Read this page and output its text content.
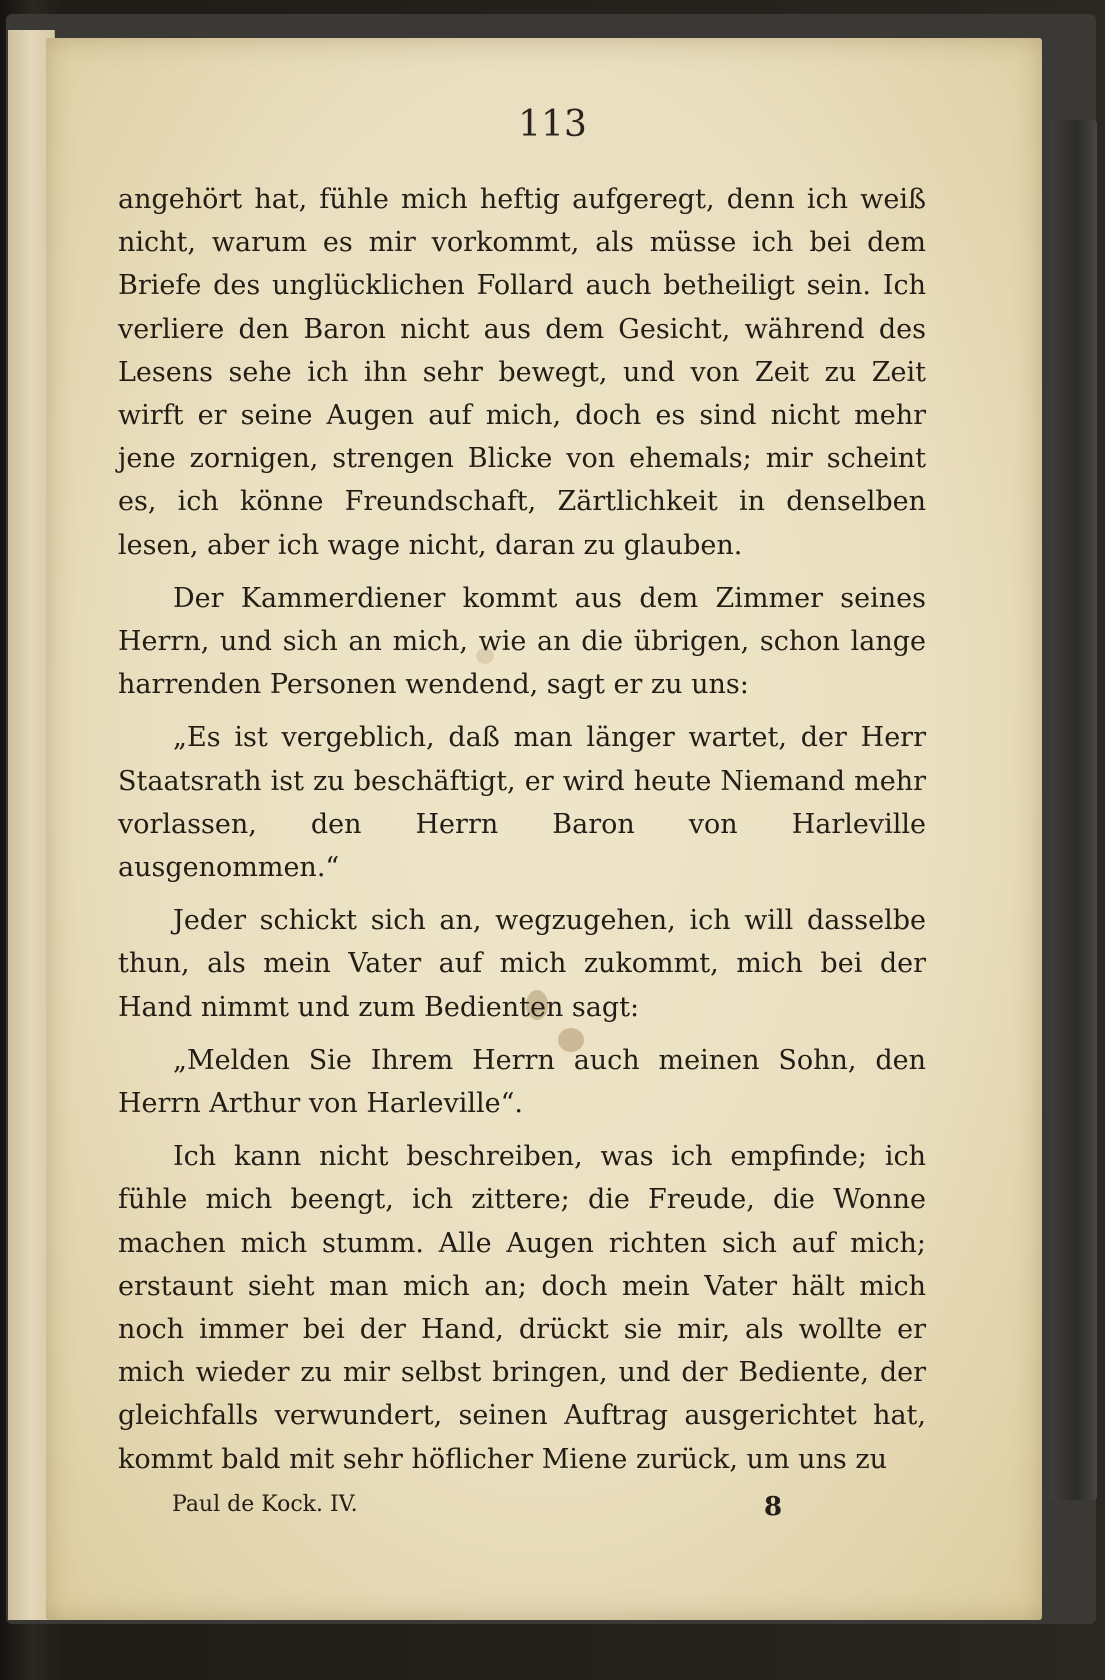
113

angehört hat, fühle mich heftig aufgeregt, denn ich weiß nicht, warum es mir vorkommt, als müsse ich bei dem Briefe des unglücklichen Follard auch betheiligt sein. Ich verliere den Baron nicht aus dem Gesicht, während des Lesens sehe ich ihn sehr bewegt, und von Zeit zu Zeit wirft er seine Augen auf mich, doch es sind nicht mehr jene zornigen, strengen Blicke von ehemals; mir scheint es, ich könne Freundschaft, Zärtlichkeit in denselben lesen, aber ich wage nicht, daran zu glauben.

Der Kammerdiener kommt aus dem Zimmer seines Herrn, und sich an mich, wie an die übrigen, schon lange harrenden Personen wendend, sagt er zu uns:

„Es ist vergeblich, daß man länger wartet, der Herr Staatsrath ist zu beschäftigt, er wird heute Niemand mehr vorlassen, den Herrn Baron von Harleville ausgenommen.“

Jeder schickt sich an, wegzugehen, ich will dasselbe thun, als mein Vater auf mich zukommt, mich bei der Hand nimmt und zum Bedienten sagt:

„Melden Sie Ihrem Herrn auch meinen Sohn, den Herrn Arthur von Harleville“.

Ich kann nicht beschreiben, was ich empfinde; ich fühle mich beengt, ich zittere; die Freude, die Wonne machen mich stumm. Alle Augen richten sich auf mich; erstaunt sieht man mich an; doch mein Vater hält mich noch immer bei der Hand, drückt sie mir, als wollte er mich wieder zu mir selbst bringen, und der Bediente, der gleichfalls verwundert, seinen Auftrag ausgerichtet hat, kommt bald mit sehr höflicher Miene zurück, um uns zu

Paul de Kock. IV.	8
